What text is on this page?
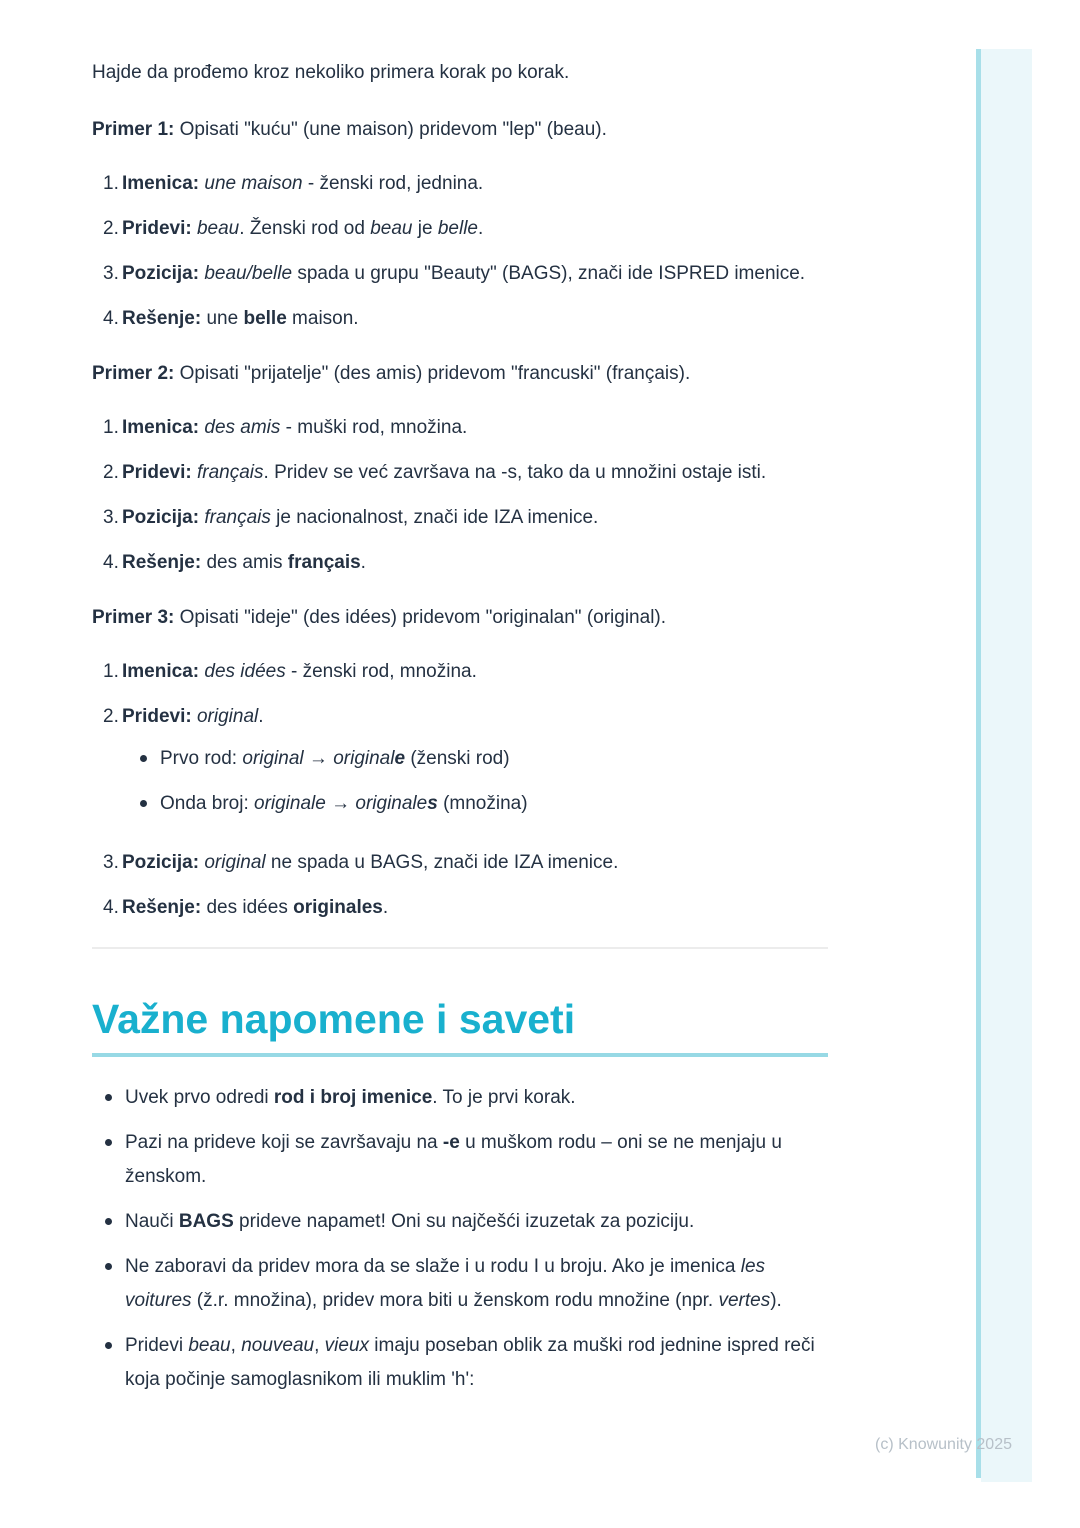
(c) Knowunity 2025

Hajde da prođemo kroz nekoliko primera korak po korak.

Primer 1: Opisati "kuću" (une maison) pridevom "lep" (beau).

1. Imenica: une maison - ženski rod, jednina.
2. Pridevi: beau. Ženski rod od beau je belle.
3. Pozicija: beau/belle spada u grupu "Beauty" (BAGS), znači ide ISPRED imenice.
4. Rešenje: une belle maison.

Primer 2: Opisati "prijatelje" (des amis) pridevom "francuski" (français).

1. Imenica: des amis - muški rod, množina.
2. Pridevi: français. Pridev se već završava na -s, tako da u množini ostaje isti.
3. Pozicija: français je nacionalnost, znači ide IZA imenice.
4. Rešenje: des amis français.

Primer 3: Opisati "ideje" (des idées) pridevom "originalan" (original).

1. Imenica: des idées - ženski rod, množina.
2. Pridevi: original.
Prvo rod: original → originale (ženski rod)
Onda broj: originale → originales (množina)
3. Pozicija: original ne spada u BAGS, znači ide IZA imenice.
4. Rešenje: des idées originales.
Važne napomene i saveti
Uvek prvo odredi rod i broj imenice. To je prvi korak.
Pazi na prideve koji se završavaju na -e u muškom rodu – oni se ne menjaju u ženskom.
Nauči BAGS prideve napamet! Oni su najčešći izuzetak za poziciju.
Ne zaboravi da pridev mora da se slaže i u rodu I u broju. Ako je imenica les voitures (ž.r. množina), pridev mora biti u ženskom rodu množine (npr. vertes).
Pridevi beau, nouveau, vieux imaju poseban oblik za muški rod jednine ispred reči koja počinje samoglasnikom ili muklim 'h':
